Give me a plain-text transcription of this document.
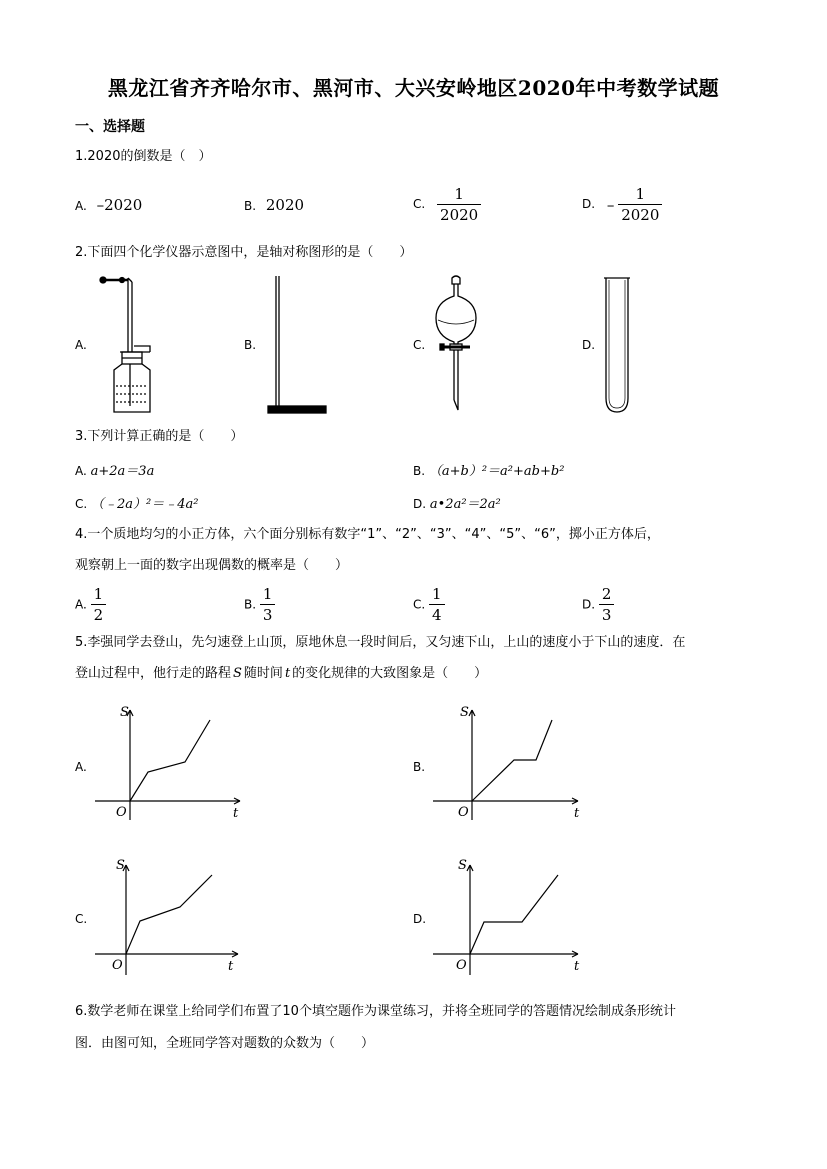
黑龙江省齐齐哈尔市、黑河市、大兴安岭地区2020年中考数学试题
一、选择题
1.2020的倒数是（　）
A. –2020	B. 2020	C. $\frac{1}{2020}$	D. – $\frac{1}{2020}$
2.下面四个化学仪器示意图中，是轴对称图形的是（　　）
A.	B.	C.	D.
3.下列计算正确的是（　　）
A. a+2a＝3a	B. （a+b）²＝a²+ab+b²
C. （﹣2a）²＝﹣4a²	D. a•2a²＝2a²
4.一个质地均匀的小正方体，六个面分别标有数字“1”、“2”、“3”、“4”、“5”、“6”，掷小正方体后，
观察朝上一面的数字出现偶数的概率是（　　）
A. $\frac{1}{2}$	B. $\frac{1}{3}$	C. $\frac{1}{4}$	D. $\frac{2}{3}$
5.李强同学去登山，先匀速登上山顶，原地休息一段时间后，又匀速下山，上山的速度小于下山的速度．在
登山过程中，他行走的路程 S 随时间 t 的变化规律的大致图象是（　　）
A.
S
t
O
B.
S
t
O
C.
S
t
O
D.
S
t
O
6.数学老师在课堂上给同学们布置了10个填空题作为课堂练习，并将全班同学的答题情况绘制成条形统计
图．由图可知，全班同学答对题数的众数为（　　）
